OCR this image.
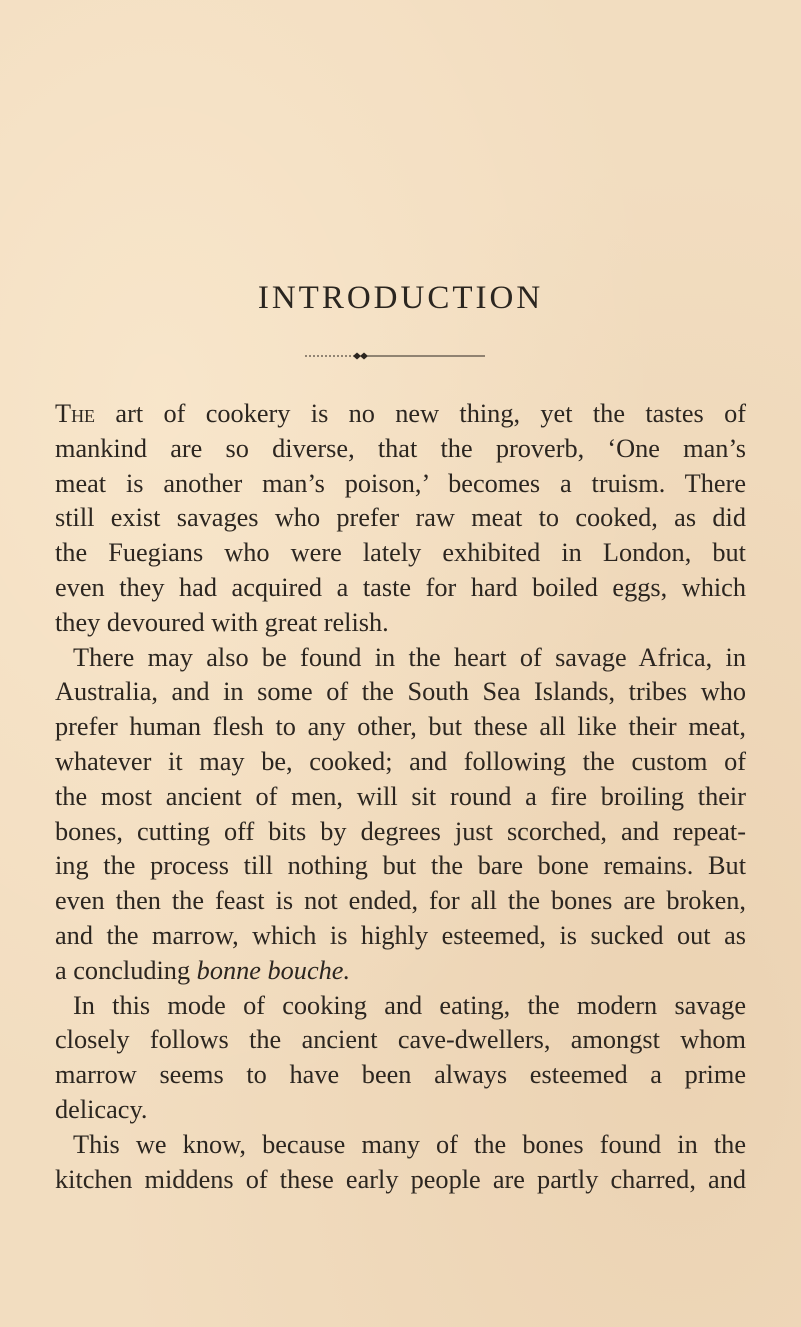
INTRODUCTION
The art of cookery is no new thing, yet the tastes of
mankind are so diverse, that the proverb, ‘One man’s
meat is another man’s poison,’ becomes a truism. There
still exist savages who prefer raw meat to cooked, as did
the Fuegians who were lately exhibited in London, but
even they had acquired a taste for hard boiled eggs, which
they devoured with great relish.
There may also be found in the heart of savage Africa, in
Australia, and in some of the South Sea Islands, tribes who
prefer human flesh to any other, but these all like their meat,
whatever it may be, cooked; and following the custom of
the most ancient of men, will sit round a fire broiling their
bones, cutting off bits by degrees just scorched, and repeat-
ing the process till nothing but the bare bone remains. But
even then the feast is not ended, for all the bones are broken,
and the marrow, which is highly esteemed, is sucked out as
a concluding bonne bouche.
In this mode of cooking and eating, the modern savage
closely follows the ancient cave-dwellers, amongst whom
marrow seems to have been always esteemed a prime
delicacy.
This we know, because many of the bones found in the
kitchen middens of these early people are partly charred, and
